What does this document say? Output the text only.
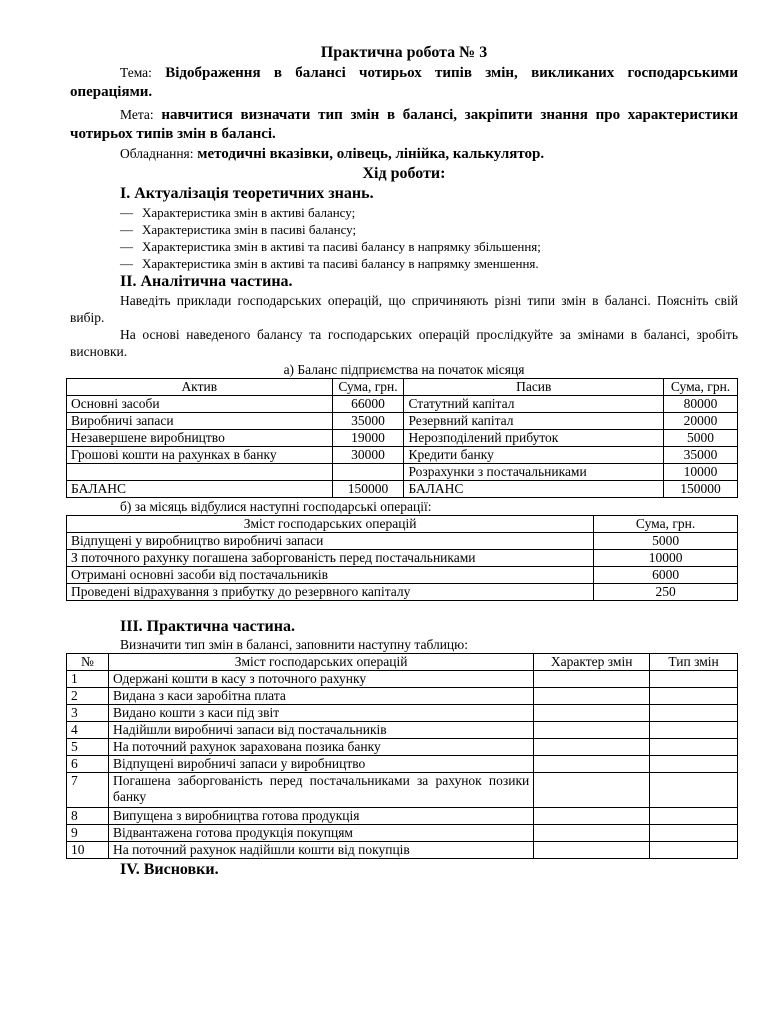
Практична робота № 3

Тема: Відображення в балансі чотирьох типів змін, викликаних господарськими операціями.

Мета: навчитися визначати тип змін в балансі, закріпити знання про характеристики чотирьох типів змін в балансі.

Обладнання: методичні вказівки, олівець, лінійка, калькулятор.

Хід роботи:
І. Актуалізація теоретичних знань.
— Характеристика змін в активі балансу;
— Характеристика змін в пасиві балансу;
— Характеристика змін в активі та пасиві балансу в напрямку збільшення;
— Характеристика змін в активі та пасиві балансу в напрямку зменшення.
ІІ. Аналітична частина.

Наведіть приклади господарських операцій, що спричиняють різні типи змін в балансі. Поясніть свій вибір.

На основі наведеного балансу та господарських операцій прослідкуйте за змінами в балансі, зробіть висновки.

а) Баланс підприємства на початок місяця
Актив	Сума, грн.	Пасив	Сума, грн.
Основні засоби	66000	Статутний капітал	80000
Виробничі запаси	35000	Резервний капітал	20000
Незавершене виробництво	19000	Нерозподілений прибуток	5000
Грошові кошти на рахунках в банку	30000	Кредити банку	35000
		Розрахунки з постачальниками	10000
БАЛАНС	150000	БАЛАНС	150000
б) за місяць відбулися наступні господарські операції:
Зміст господарських операцій	Сума, грн.
Відпущені у виробництво виробничі запаси	5000
З поточного рахунку погашена заборгованість перед постачальниками	10000
Отримані основні засоби від постачальників	6000
Проведені відрахування з прибутку до резервного капіталу	250
ІІІ. Практична частина.
Визначити тип змін в балансі, заповнити наступну таблицю:
№	Зміст господарських операцій	Характер змін	Тип змін
1	Одержані кошти в касу з поточного рахунку		
2	Видана з каси заробітна плата		
3	Видано кошти з каси під звіт		
4	Надійшли виробничі запаси від постачальників		
5	На поточний рахунок зарахована позика банку		
6	Відпущені виробничі запаси у виробництво		
7	Погашена заборгованість перед постачальниками за рахунок позики банку		
8	Випущена з виробництва готова продукція		
9	Відвантажена готова продукція покупцям		
10	На поточний рахунок надійшли кошти від покупців		
IV. Висновки.
